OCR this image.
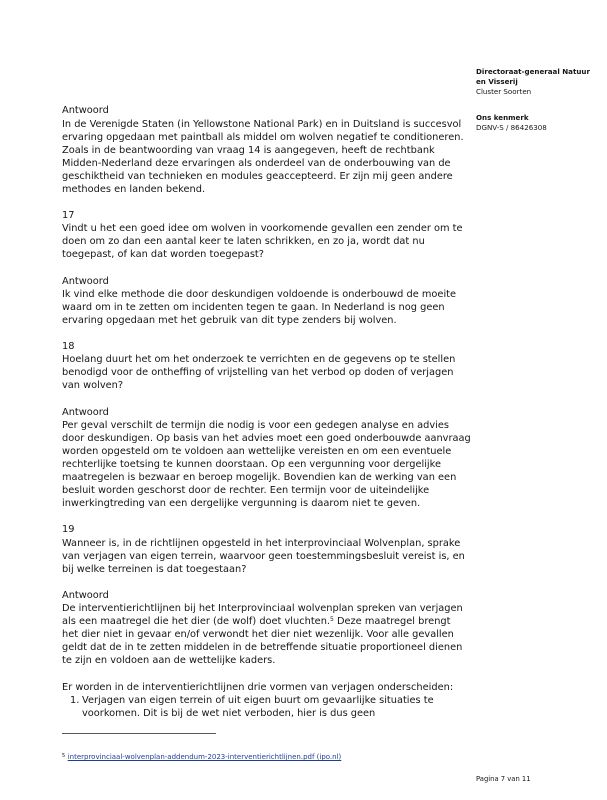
Directoraat-generaal Natuur
en Visserij
Cluster Soorten
Ons kenmerk
DGNV-S / 86426308
Antwoord
In de Verenigde Staten (in Yellowstone National Park) en in Duitsland is succesvol
ervaring opgedaan met paintball als middel om wolven negatief te conditioneren.
Zoals in de beantwoording van vraag 14 is aangegeven, heeft de rechtbank
Midden-Nederland deze ervaringen als onderdeel van de onderbouwing van de
geschiktheid van technieken en modules geaccepteerd. Er zijn mij geen andere
methodes en landen bekend.
17
Vindt u het een goed idee om wolven in voorkomende gevallen een zender om te
doen om zo dan een aantal keer te laten schrikken, en zo ja, wordt dat nu
toegepast, of kan dat worden toegepast?
Antwoord
Ik vind elke methode die door deskundigen voldoende is onderbouwd de moeite
waard om in te zetten om incidenten tegen te gaan. In Nederland is nog geen
ervaring opgedaan met het gebruik van dit type zenders bij wolven.
18
Hoelang duurt het om het onderzoek te verrichten en de gegevens op te stellen
benodigd voor de ontheffing of vrijstelling van het verbod op doden of verjagen
van wolven?
Antwoord
Per geval verschilt de termijn die nodig is voor een gedegen analyse en advies
door deskundigen. Op basis van het advies moet een goed onderbouwde aanvraag
worden opgesteld om te voldoen aan wettelijke vereisten en om een eventuele
rechterlijke toetsing te kunnen doorstaan. Op een vergunning voor dergelijke
maatregelen is bezwaar en beroep mogelijk. Bovendien kan de werking van een
besluit worden geschorst door de rechter. Een termijn voor de uiteindelijke
inwerkingtreding van een dergelijke vergunning is daarom niet te geven.
19
Wanneer is, in de richtlijnen opgesteld in het interprovinciaal Wolvenplan, sprake
van verjagen van eigen terrein, waarvoor geen toestemmingsbesluit vereist is, en
bij welke terreinen is dat toegestaan?
Antwoord
De interventierichtlijnen bij het Interprovinciaal wolvenplan spreken van verjagen
als een maatregel die het dier (de wolf) doet vluchten.$^5$ Deze maatregel brengt
het dier niet in gevaar en/of verwondt het dier niet wezenlijk. Voor alle gevallen
geldt dat de in te zetten middelen in de betreffende situatie proportioneel dienen
te zijn en voldoen aan de wettelijke kaders.
Er worden in de interventierichtlijnen drie vormen van verjagen onderscheiden:
1. Verjagen van eigen terrein of uit eigen buurt om gevaarlijke situaties te
voorkomen. Dit is bij de wet niet verboden, hier is dus geen
$^5$ interprovinciaal-wolvenplan-addendum-2023-interventierichtlijnen.pdf (ipo.nl)
Pagina 7 van 11
